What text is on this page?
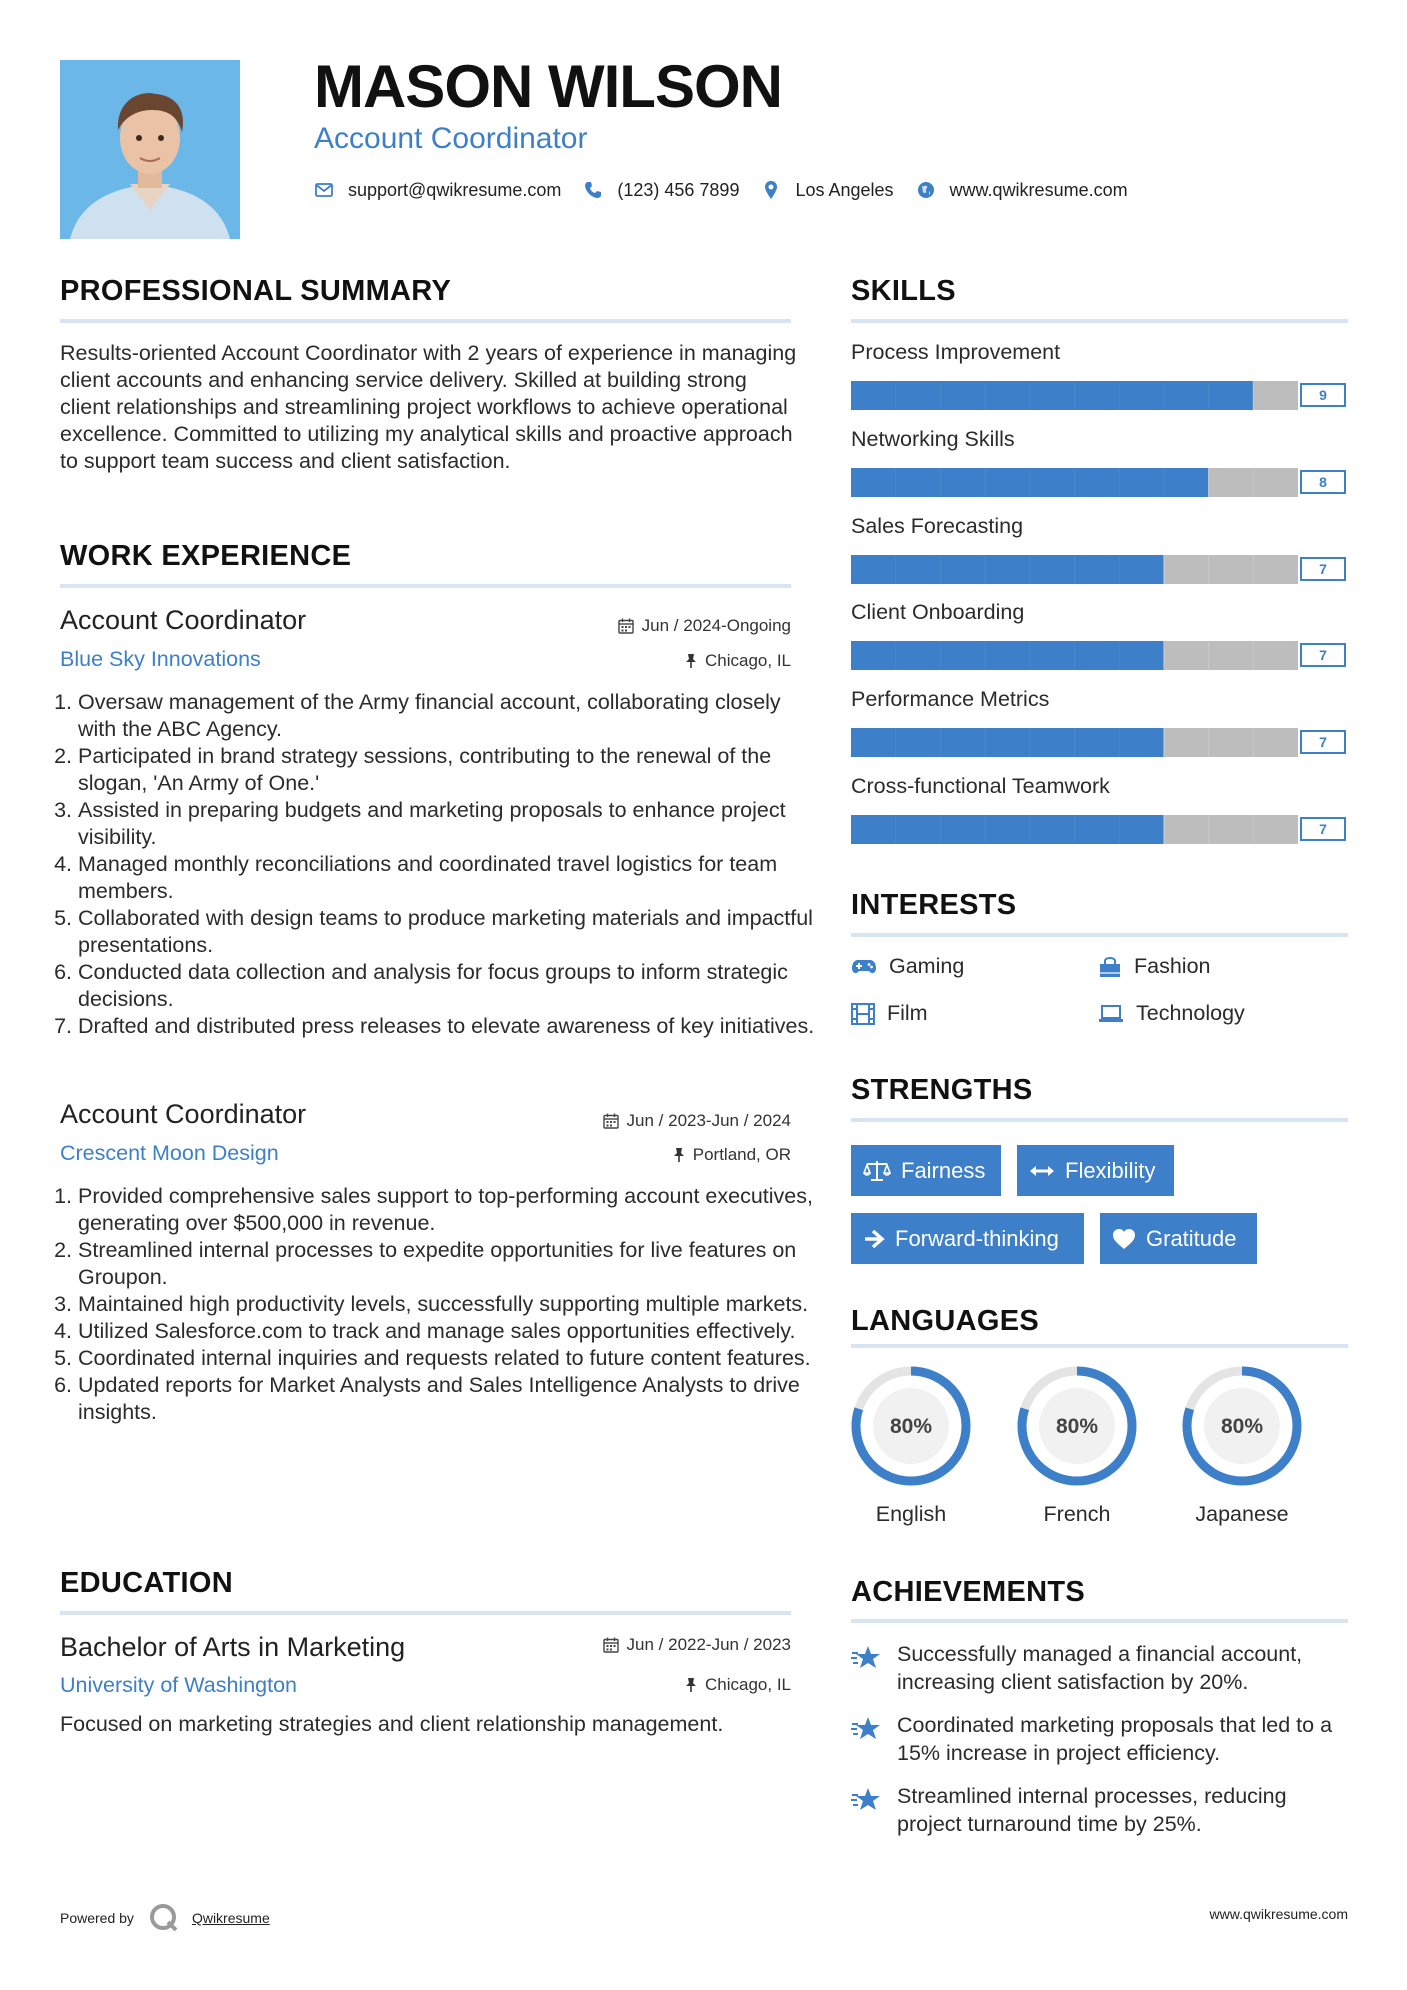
MASON WILSON
Account Coordinator
support@qwikresume.com	(123) 456 7899	Los Angeles	www.qwikresume.com
PROFESSIONAL SUMMARY
Results-oriented Account Coordinator with 2 years of experience in managing client accounts and enhancing service delivery. Skilled at building strong client relationships and streamlining project workflows to achieve operational excellence. Committed to utilizing my analytical skills and proactive approach to support team success and client satisfaction.
WORK EXPERIENCE
Account Coordinator	Jun / 2024-Ongoing
Blue Sky Innovations	Chicago, IL
1. Oversaw management of the Army financial account, collaborating closely with the ABC Agency.
2. Participated in brand strategy sessions, contributing to the renewal of the slogan, 'An Army of One.'
3. Assisted in preparing budgets and marketing proposals to enhance project visibility.
4. Managed monthly reconciliations and coordinated travel logistics for team members.
5. Collaborated with design teams to produce marketing materials and impactful presentations.
6. Conducted data collection and analysis for focus groups to inform strategic decisions.
7. Drafted and distributed press releases to elevate awareness of key initiatives.
Account Coordinator	Jun / 2023-Jun / 2024
Crescent Moon Design	Portland, OR
1. Provided comprehensive sales support to top-performing account executives, generating over $500,000 in revenue.
2. Streamlined internal processes to expedite opportunities for live features on Groupon.
3. Maintained high productivity levels, successfully supporting multiple markets.
4. Utilized Salesforce.com to track and manage sales opportunities effectively.
5. Coordinated internal inquiries and requests related to future content features.
6. Updated reports for Market Analysts and Sales Intelligence Analysts to drive insights.
EDUCATION
Bachelor of Arts in Marketing	Jun / 2022-Jun / 2023
University of Washington	Chicago, IL
Focused on marketing strategies and client relationship management.
SKILLS
Process Improvement
9
Networking Skills
8
Sales Forecasting
7
Client Onboarding
7
Performance Metrics
7
Cross-functional Teamwork
7
INTERESTS
Gaming	Fashion
Film	Technology
STRENGTHS
Fairness	Flexibility
Forward-thinking	Gratitude
LANGUAGES
80%
English
80%
French
80%
Japanese
ACHIEVEMENTS
Successfully managed a financial account, increasing client satisfaction by 20%.
Coordinated marketing proposals that led to a 15% increase in project efficiency.
Streamlined internal processes, reducing project turnaround time by 25%.
Powered by	Qwikresume	www.qwikresume.com
